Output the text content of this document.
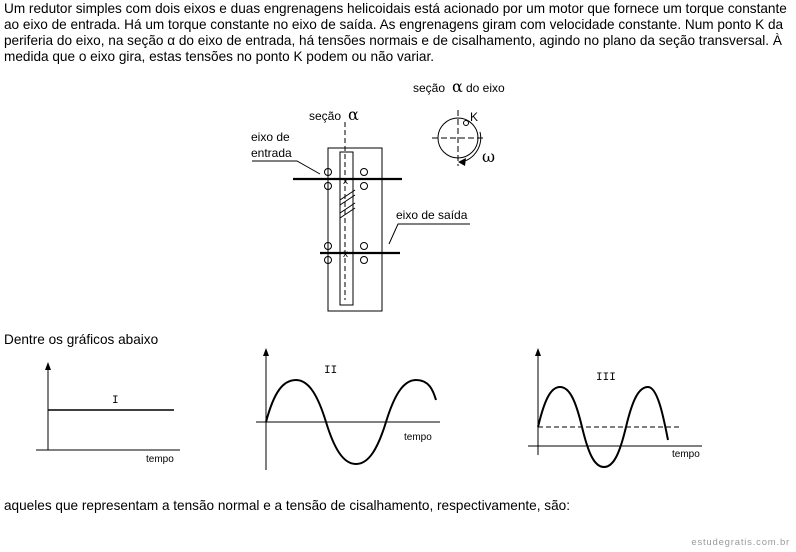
Um redutor simples com dois eixos e duas engrenagens helicoidais está acionado por um motor que fornece um torque constante ao eixo de entrada. Há um torque constante no eixo de saída. As engrenagens giram com velocidade constante. Num ponto K da periferia do eixo, na seção α do eixo de entrada, há tensões normais e de cisalhamento, agindo no plano da seção transversal. À medida que o eixo gira, estas tensões no ponto K podem ou não variar.

seção α
eixo de
entrada
eixo de saída
x
x
seção α do eixo
K
ω
I
tempo
II
tempo
III
tempo
Dentre os gráficos abaixo
aqueles que representam a tensão normal e a tensão de cisalhamento, respectivamente, são:
estudegratis.com.br
